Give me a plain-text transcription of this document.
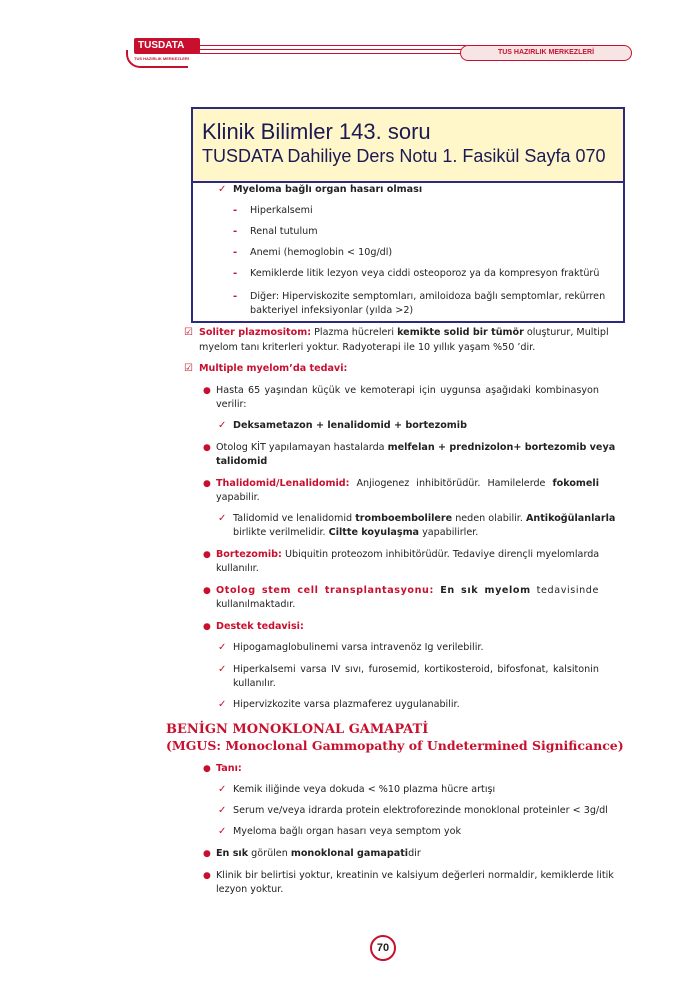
TUSDATA
TUS HAZIRLIK MERKEZLERİ
TUS HAZIRLIK MERKEZLERİ
Klinik Bilimler 143. soru
TUSDATA Dahiliye Ders Notu 1. Fasikül Sayfa 070
✓ Myeloma bağlı organ hasarı olması
- Hiperkalsemi
- Renal tutulum
- Anemi (hemoglobin < 10g/dl)
- Kemiklerde litik lezyon veya ciddi osteoporoz ya da kompresyon fraktürü
- Diğer: Hiperviskozite semptomları, amiloidoza bağlı semptomlar, rekürren
bakteriyel infeksiyonlar (yılda >2)
☑ Soliter plazmositom: Plazma hücreleri kemikte solid bir tümör oluşturur, Multipl
myelom tanı kriterleri yoktur. Radyoterapi ile 10 yıllık yaşam %50 ’dir.
☑ Multiple myelom’da tedavi:
● Hasta 65 yaşından küçük ve kemoterapi için uygunsa aşağıdaki kombinasyon
verilir:
✓ Deksametazon + lenalidomid + bortezomib
● Otolog KİT yapılamayan hastalarda melfelan + prednizolon+ bortezomib veya
talidomid
● Thalidomid/Lenalidomid: Anjiogenez inhibitörüdür. Hamilelerde fokomeli
yapabilir.
✓ Talidomid ve lenalidomid tromboembolilere neden olabilir. Antikoğülanlarla
birlikte verilmelidir. Ciltte koyulaşma yapabilirler.
● Bortezomib: Ubiquitin proteozom inhibitörüdür. Tedaviye dirençli myelomlarda
kullanılır.
● Otolog stem cell transplantasyonu: En sık myelom tedavisinde
kullanılmaktadır.
● Destek tedavisi:
✓ Hipogamaglobulinemi varsa intravenöz Ig verilebilir.
✓ Hiperkalsemi varsa IV sıvı, furosemid, kortikosteroid, bifosfonat, kalsitonin
kullanılır.
✓ Hipervizkozite varsa plazmaferez uygulanabilir.
BENİGN MONOKLONAL GAMAPATİ
(MGUS: Monoclonal Gammopathy of Undetermined Significance)
● Tanı:
✓ Kemik iliğinde veya dokuda < %10 plazma hücre artışı
✓ Serum ve/veya idrarda protein elektroforezinde monoklonal proteinler < 3g/dl
✓ Myeloma bağlı organ hasarı veya semptom yok
● En sık görülen monoklonal gamapatidir
● Klinik bir belirtisi yoktur, kreatinin ve kalsiyum değerleri normaldir, kemiklerde litik
lezyon yoktur.
70
